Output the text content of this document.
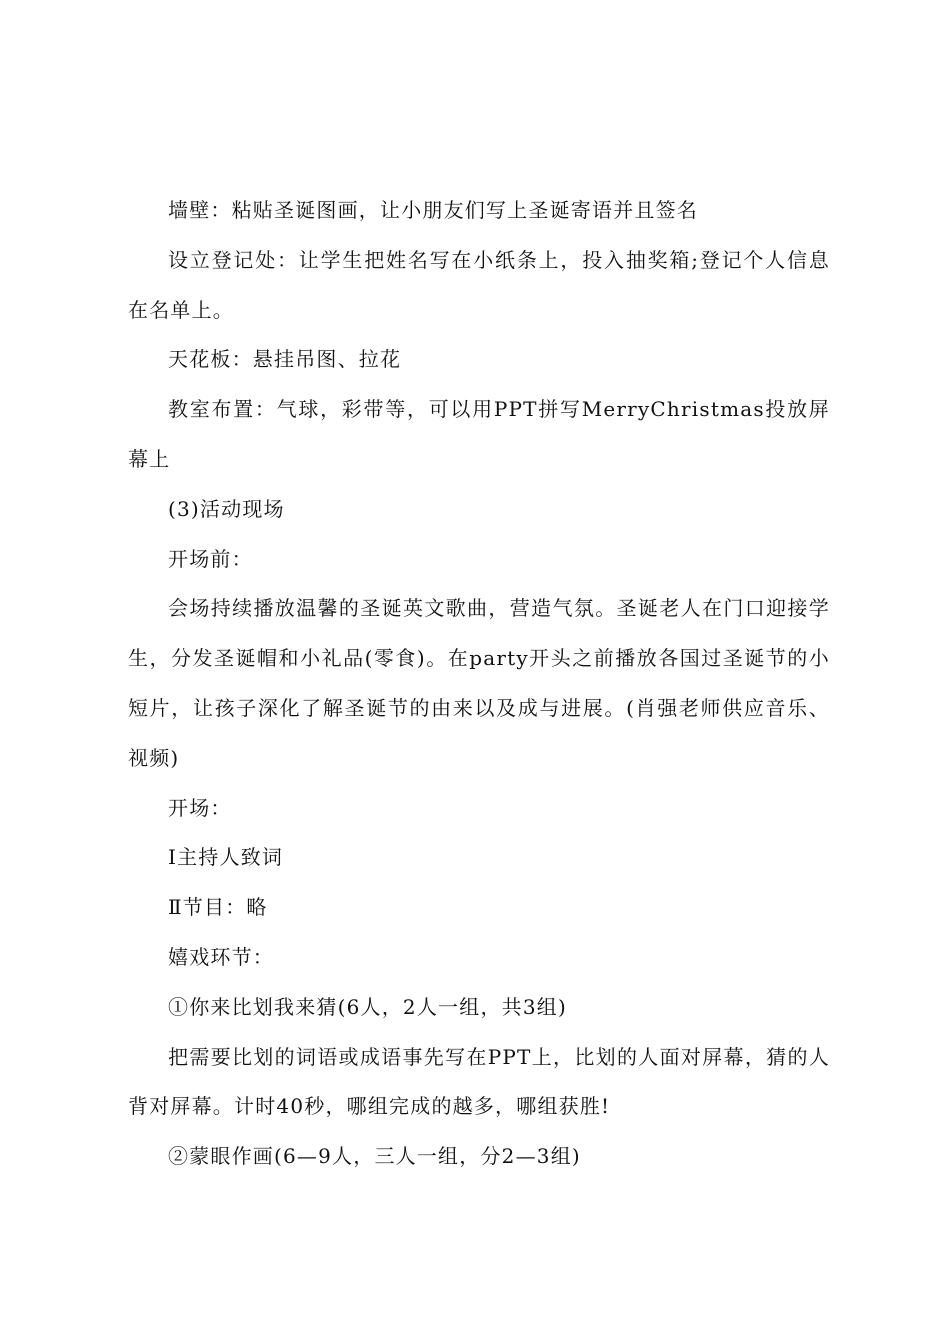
墙壁：粘贴圣诞图画，让小朋友们写上圣诞寄语并且签名

设立登记处：让学生把姓名写在小纸条上，投入抽奖箱;登记个人信息在名单上。

天花板：悬挂吊图、拉花

教室布置：气球，彩带等，可以用PPT拼写MerryChristmas投放屏幕上

(3)活动现场

开场前：

会场持续播放温馨的圣诞英文歌曲，营造气氛。圣诞老人在门口迎接学生，分发圣诞帽和小礼品(零食)。在party开头之前播放各国过圣诞节的小短片，让孩子深化了解圣诞节的由来以及成与进展。(肖强老师供应音乐、视频)

开场：

Ⅰ主持人致词

Ⅱ节目：略

嬉戏环节：

①你来比划我来猜(6人，2人一组，共3组)

把需要比划的词语或成语事先写在PPT上，比划的人面对屏幕，猜的人背对屏幕。计时40秒，哪组完成的越多，哪组获胜!

②蒙眼作画(6—9人，三人一组，分2—3组)
